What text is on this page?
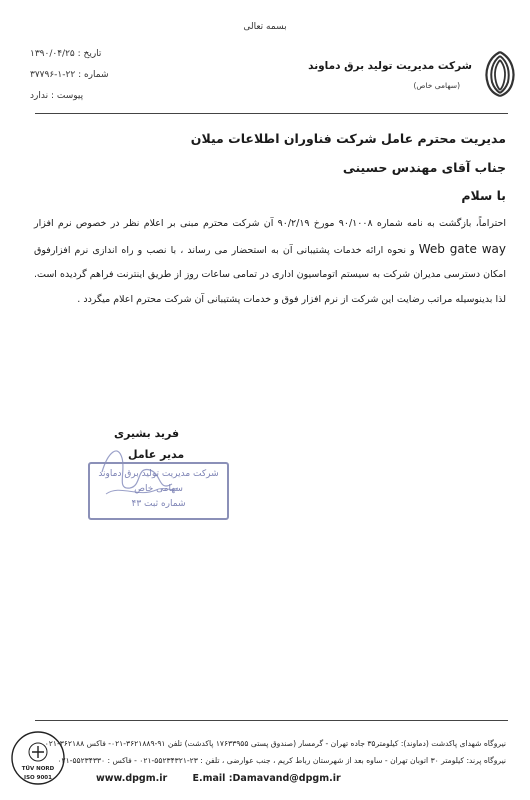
بسمه تعالی
شرکت مدیریت تولید برق دماوند
(سهامی خاص)
تاریخ : ۱۳۹۰/۰۴/۲۵
شماره : ۲۲-۱-۳۷۷۹۶
پیوست : ندارد
مدیریت محترم عامل شرکت فناوران اطلاعات میلان
جناب آقای مهندس حسینی
با سلام
احتراماً، بازگشت به نامه شماره ۹۰/۱۰۰۸ مورخ ۹۰/۲/۱۹ آن شرکت محترم مبنی بر اعلام نظر در خصوص نرم افزار Web gate way و نحوه ارائه خدمات پشتیبانی آن به استحضار می رساند ، با نصب و راه اندازی نرم افزارفوق امکان دسترسی مدیران شرکت به سیستم اتوماسیون اداری در تمامی ساعات روز از طریق اینترنت فراهم گردیده است. لذا بدینوسیله مراتب رضایت این شرکت از نرم افزار فوق و خدمات پشتیبانی آن شرکت محترم اعلام میگردد .
فرید بشیری
مدیر عامل
شرکت مدیریت تولید برق دماوند
سهامی خاص
شماره ثبت ۴۳
TÜV NORD
ISO 9001
نیروگاه شهدای پاکدشت (دماوند): کیلومتر۳۵ جاده تهران - گرمسار (صندوق پستی ۱۷۶۳۳۹۵۵ پاکدشت) تلفن ۹۱-۳۶۲۱۸۸۹-۰۲۱- فاکس ۳۶۲۱۸۸-۰۲۱
نیروگاه پرند: کیلومتر ۳۰ اتوبان تهران - ساوه بعد از شهرستان رباط کریم ، جنب عوارضی ، تلفن : ۲۳-۵۵۲۳۴۳۲۱-۰۲۱ - فاکس : ۵۵۲۳۴۳۳۰-۰۲۱
www.dpgm.ir	E.mail :Damavand@dpgm.ir
